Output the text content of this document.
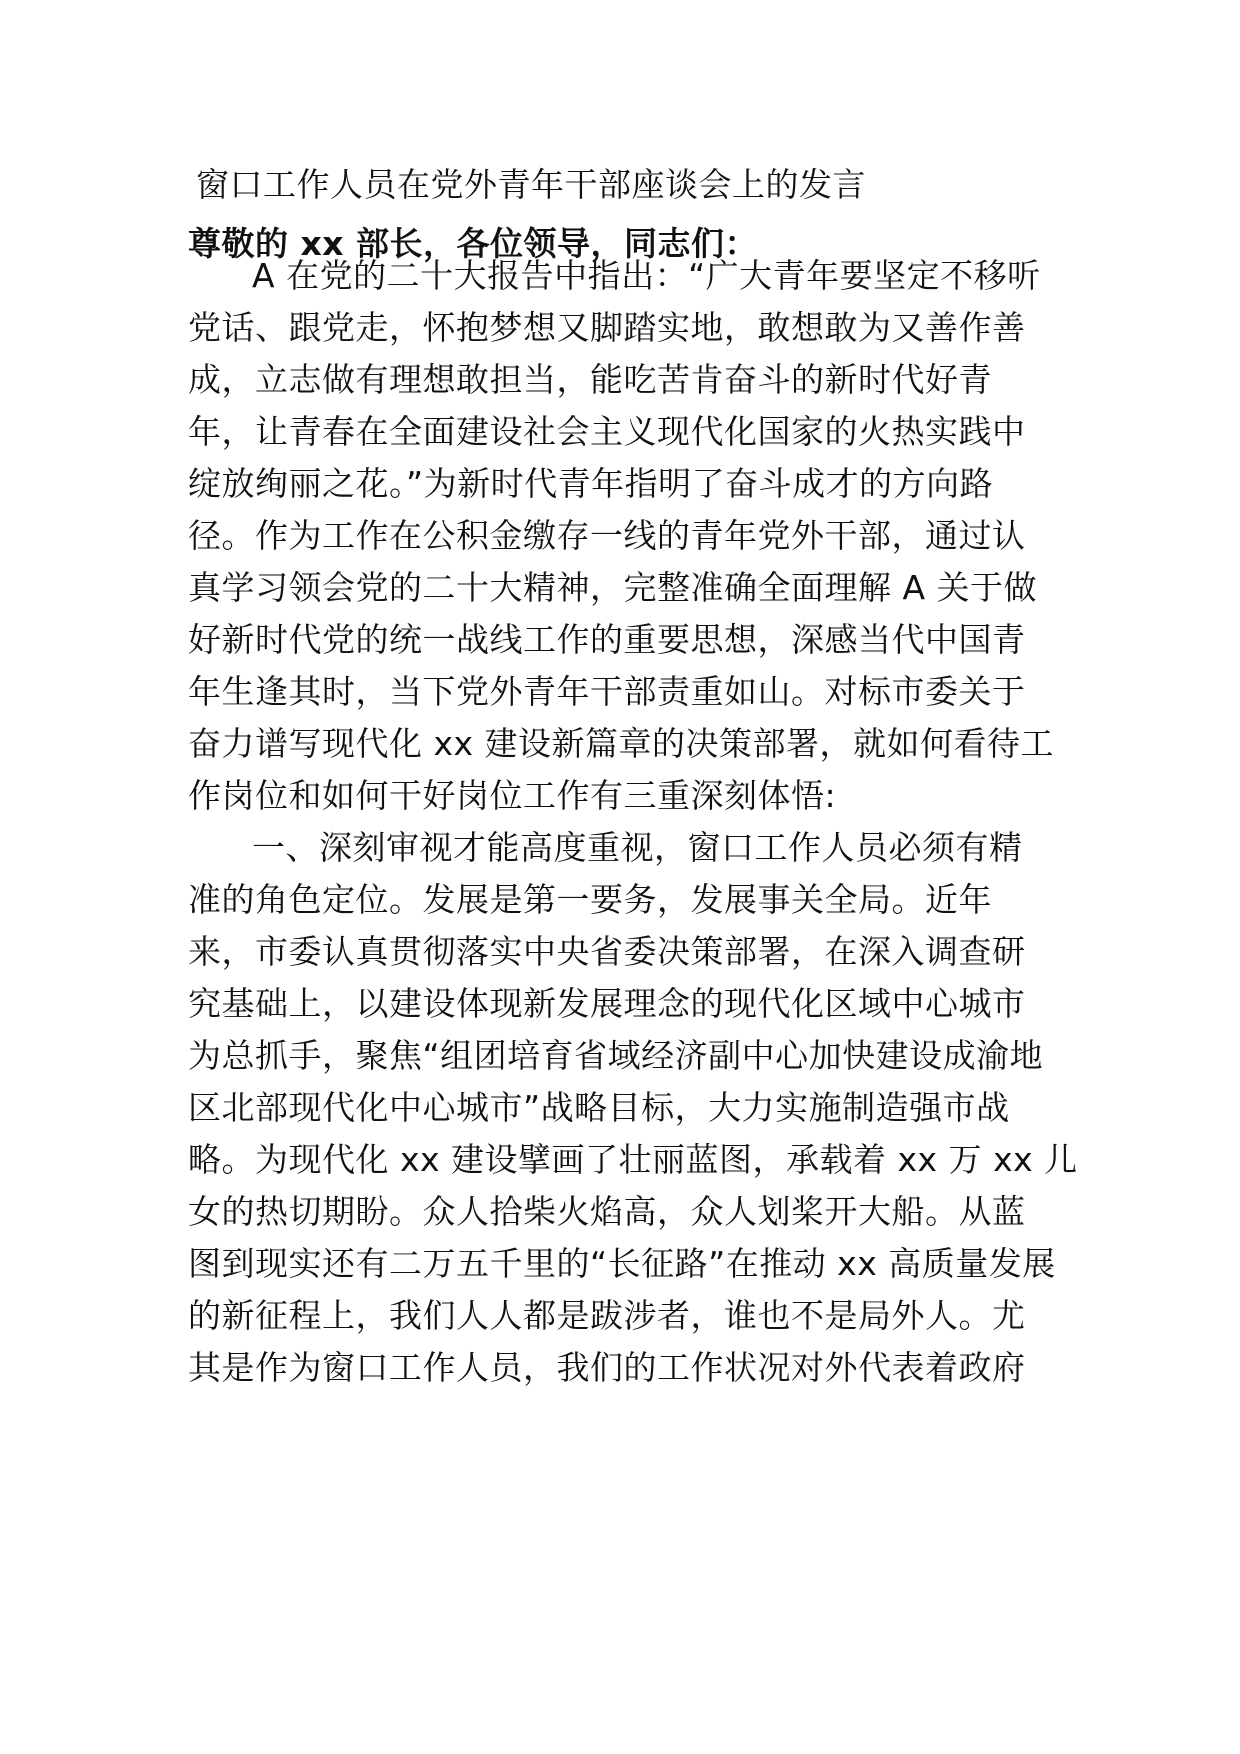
窗口工作人员在党外青年干部座谈会上的发言
尊敬的 xx 部长，各位领导，同志们：
A 在党的二十大报告中指出：“广大青年要坚定不移听
党话、跟党走，怀抱梦想又脚踏实地，敢想敢为又善作善
成，立志做有理想敢担当，能吃苦肯奋斗的新时代好青
年，让青春在全面建设社会主义现代化国家的火热实践中
绽放绚丽之花。”为新时代青年指明了奋斗成才的方向路
径。作为工作在公积金缴存一线的青年党外干部，通过认
真学习领会党的二十大精神，完整准确全面理解 A 关于做
好新时代党的统一战线工作的重要思想，深感当代中国青
年生逢其时，当下党外青年干部责重如山。对标市委关于
奋力谱写现代化 xx 建设新篇章的决策部署，就如何看待工
作岗位和如何干好岗位工作有三重深刻体悟:
一、深刻审视才能高度重视，窗口工作人员必须有精
准的角色定位。发展是第一要务，发展事关全局。近年
来，市委认真贯彻落实中央省委决策部署，在深入调查研
究基础上，以建设体现新发展理念的现代化区域中心城市
为总抓手，聚焦“组团培育省域经济副中心加快建设成渝地
区北部现代化中心城市”战略目标，大力实施制造强市战
略。为现代化 xx 建设擘画了壮丽蓝图，承载着 xx 万 xx 儿
女的热切期盼。众人拾柴火焰高，众人划桨开大船。从蓝
图到现实还有二万五千里的“长征路”在推动 xx 高质量发展
的新征程上，我们人人都是跋涉者，谁也不是局外人。尤
其是作为窗口工作人员，我们的工作状况对外代表着政府
